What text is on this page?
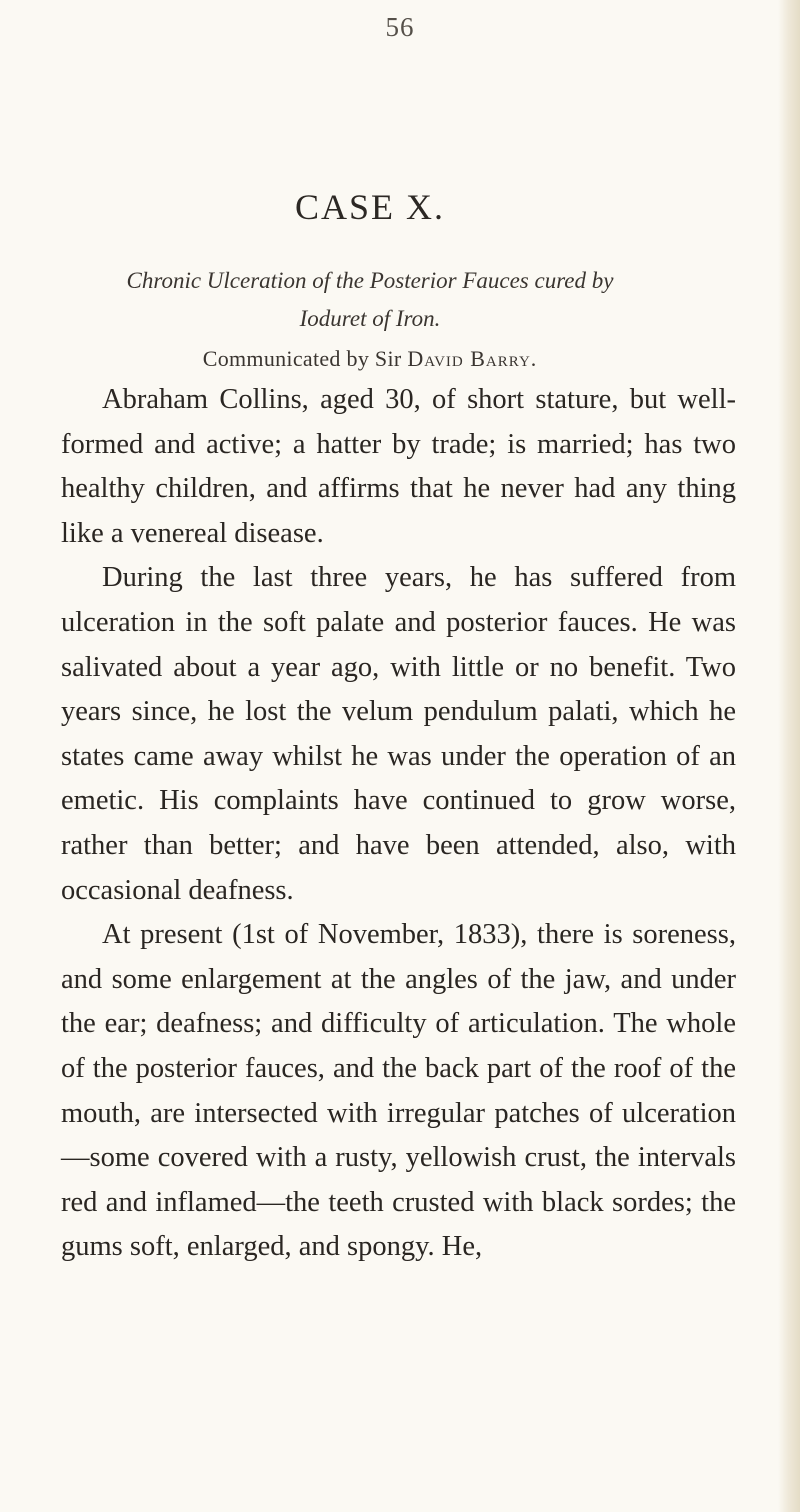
56
CASE X.
Chronic Ulceration of the Posterior Fauces cured by
Ioduret of Iron.
Communicated by Sir David Barry.

Abraham Collins, aged 30, of short stature, but well-formed and active; a hatter by trade; is married; has two healthy children, and affirms that he never had any thing like a venereal disease.

During the last three years, he has suffered from ulceration in the soft palate and posterior fauces. He was salivated about a year ago, with little or no benefit. Two years since, he lost the velum pendulum palati, which he states came away whilst he was under the operation of an emetic. His complaints have continued to grow worse, rather than better; and have been attended, also, with occasional deafness.

At present (1st of November, 1833), there is soreness, and some enlargement at the angles of the jaw, and under the ear; deafness; and difficulty of articulation. The whole of the posterior fauces, and the back part of the roof of the mouth, are intersected with irregular patches of ulceration—some covered with a rusty, yellowish crust, the intervals red and inflamed—the teeth crusted with black sordes; the gums soft, enlarged, and spongy. He,
